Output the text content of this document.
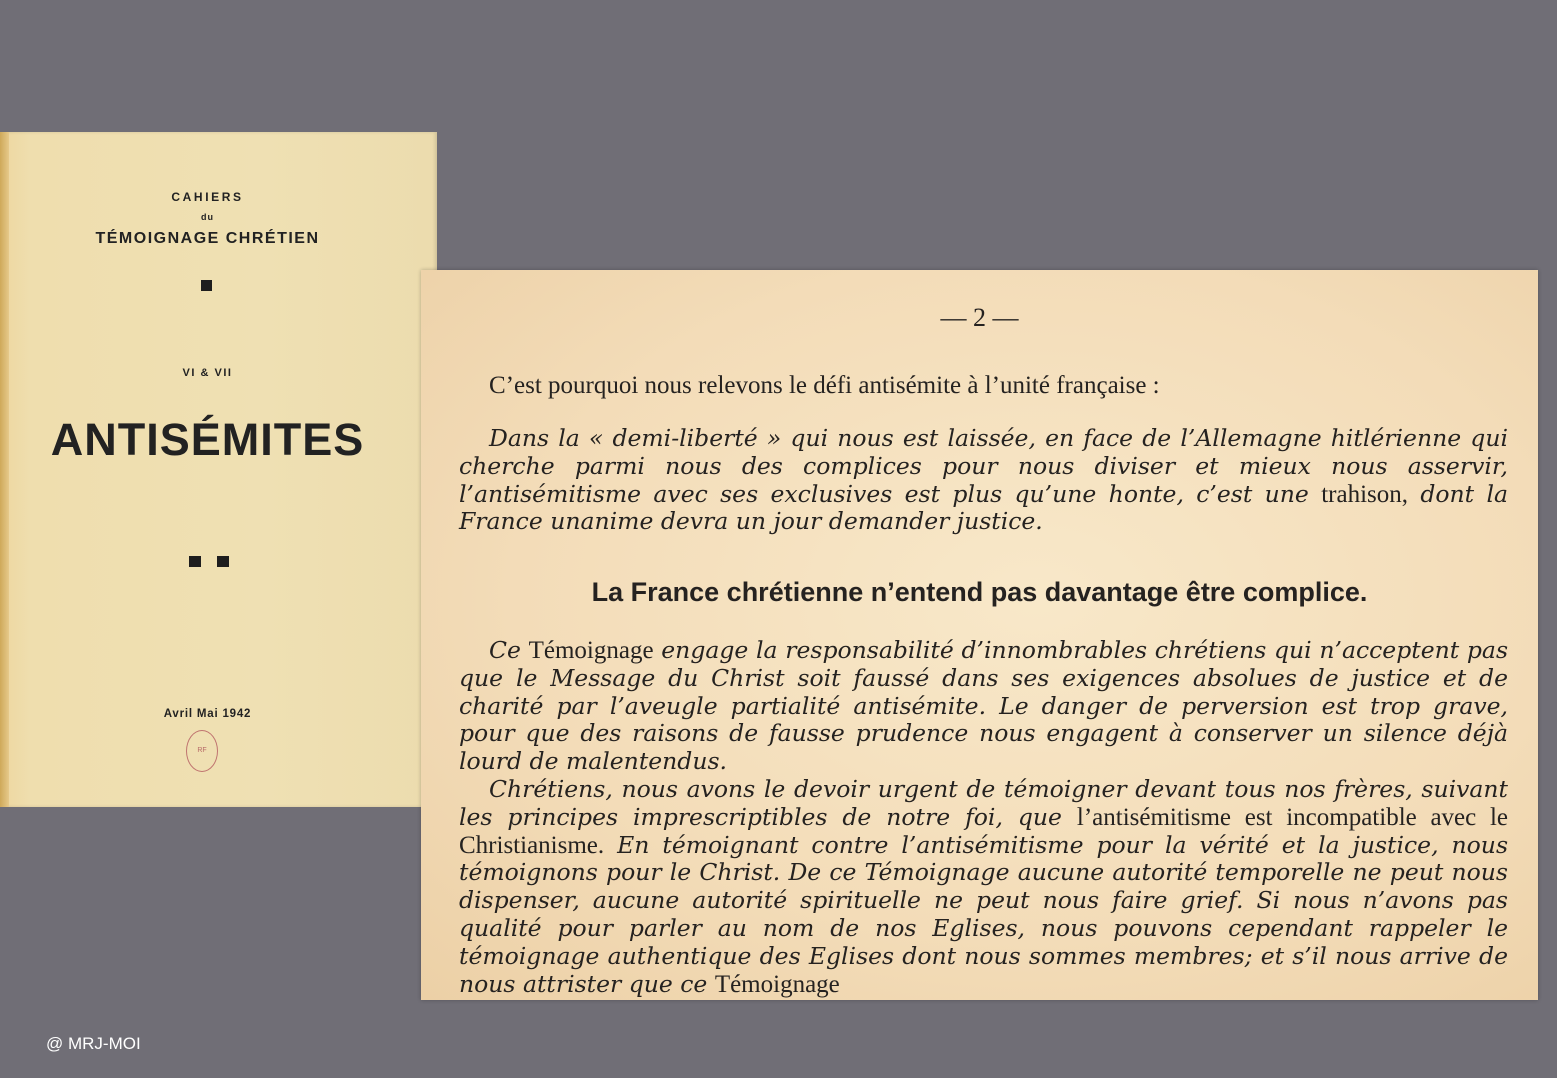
CAHIERS
du
TÉMOIGNAGE CHRÉTIEN
VI & VII
ANTISÉMITES
Avril Mai 1942
RF
— 2 —
C’est pourquoi nous relevons le défi antisémite à l’unité française :
Dans la « demi-liberté » qui nous est laissée, en face de l’Allemagne hitlérienne qui cherche parmi nous des complices pour nous diviser et mieux nous asservir, l’antisémitisme avec ses exclusives est plus qu’une honte, c’est une trahison, dont la France unanime devra un jour demander justice.
La France chrétienne n’entend pas davantage être complice.
Ce Témoignage engage la responsabilité d’innombrables chrétiens qui n’acceptent pas que le Message du Christ soit faussé dans ses exigences absolues de justice et de charité par l’aveugle partialité antisémite. Le danger de perversion est trop grave, pour que des raisons de fausse prudence nous engagent à conserver un silence déjà lourd de malentendus.
Chrétiens, nous avons le devoir urgent de témoigner devant tous nos frères, suivant les principes imprescriptibles de notre foi, que l’antisémitisme est incompatible avec le Christianisme. En témoignant contre l’antisémitisme pour la vérité et la justice, nous témoignons pour le Christ. De ce Témoignage aucune autorité temporelle ne peut nous dispenser, aucune autorité spirituelle ne peut nous faire grief. Si nous n’avons pas qualité pour parler au nom de nos Eglises, nous pouvons cependant rappeler le témoignage authentique des Eglises dont nous sommes membres; et s’il nous arrive de nous attrister que ce Témoignage
@ MRJ-MOI
